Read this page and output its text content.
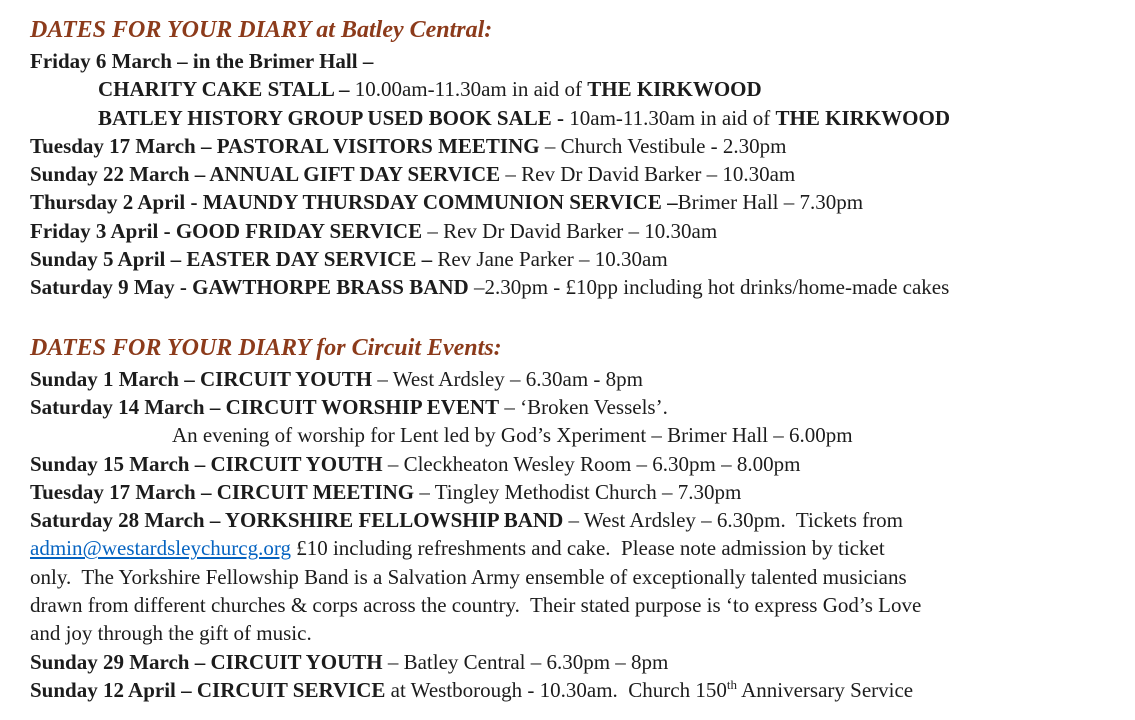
DATES FOR YOUR DIARY at Batley Central:
Friday 6 March – in the Brimer Hall –
CHARITY CAKE STALL – 10.00am-11.30am in aid of THE KIRKWOOD
BATLEY HISTORY GROUP USED BOOK SALE - 10am-11.30am in aid of THE KIRKWOOD
Tuesday 17 March – PASTORAL VISITORS MEETING – Church Vestibule - 2.30pm
Sunday 22 March – ANNUAL GIFT DAY SERVICE – Rev Dr David Barker – 10.30am
Thursday 2 April - MAUNDY THURSDAY COMMUNION SERVICE –Brimer Hall – 7.30pm
Friday 3 April - GOOD FRIDAY SERVICE – Rev Dr David Barker – 10.30am
Sunday 5 April – EASTER DAY SERVICE – Rev Jane Parker – 10.30am
Saturday 9 May - GAWTHORPE BRASS BAND –2.30pm - £10pp including hot drinks/home-made cakes
DATES FOR YOUR DIARY for Circuit Events:
Sunday 1 March – CIRCUIT YOUTH – West Ardsley – 6.30am - 8pm
Saturday 14 March – CIRCUIT WORSHIP EVENT – ‘Broken Vessels’.
An evening of worship for Lent led by God’s Xperiment – Brimer Hall – 6.00pm
Sunday 15 March – CIRCUIT YOUTH – Cleckheaton Wesley Room – 6.30pm – 8.00pm
Tuesday 17 March – CIRCUIT MEETING – Tingley Methodist Church – 7.30pm
Saturday 28 March – YORKSHIRE FELLOWSHIP BAND – West Ardsley – 6.30pm.  Tickets from
admin@westardsleychurcg.org £10 including refreshments and cake.  Please note admission by ticket
only.  The Yorkshire Fellowship Band is a Salvation Army ensemble of exceptionally talented musicians
drawn from different churches & corps across the country.  Their stated purpose is ‘to express God’s Love
and joy through the gift of music.
Sunday 29 March – CIRCUIT YOUTH – Batley Central – 6.30pm – 8pm
Sunday 12 April – CIRCUIT SERVICE at Westborough - 10.30am.  Church 150th Anniversary Service
